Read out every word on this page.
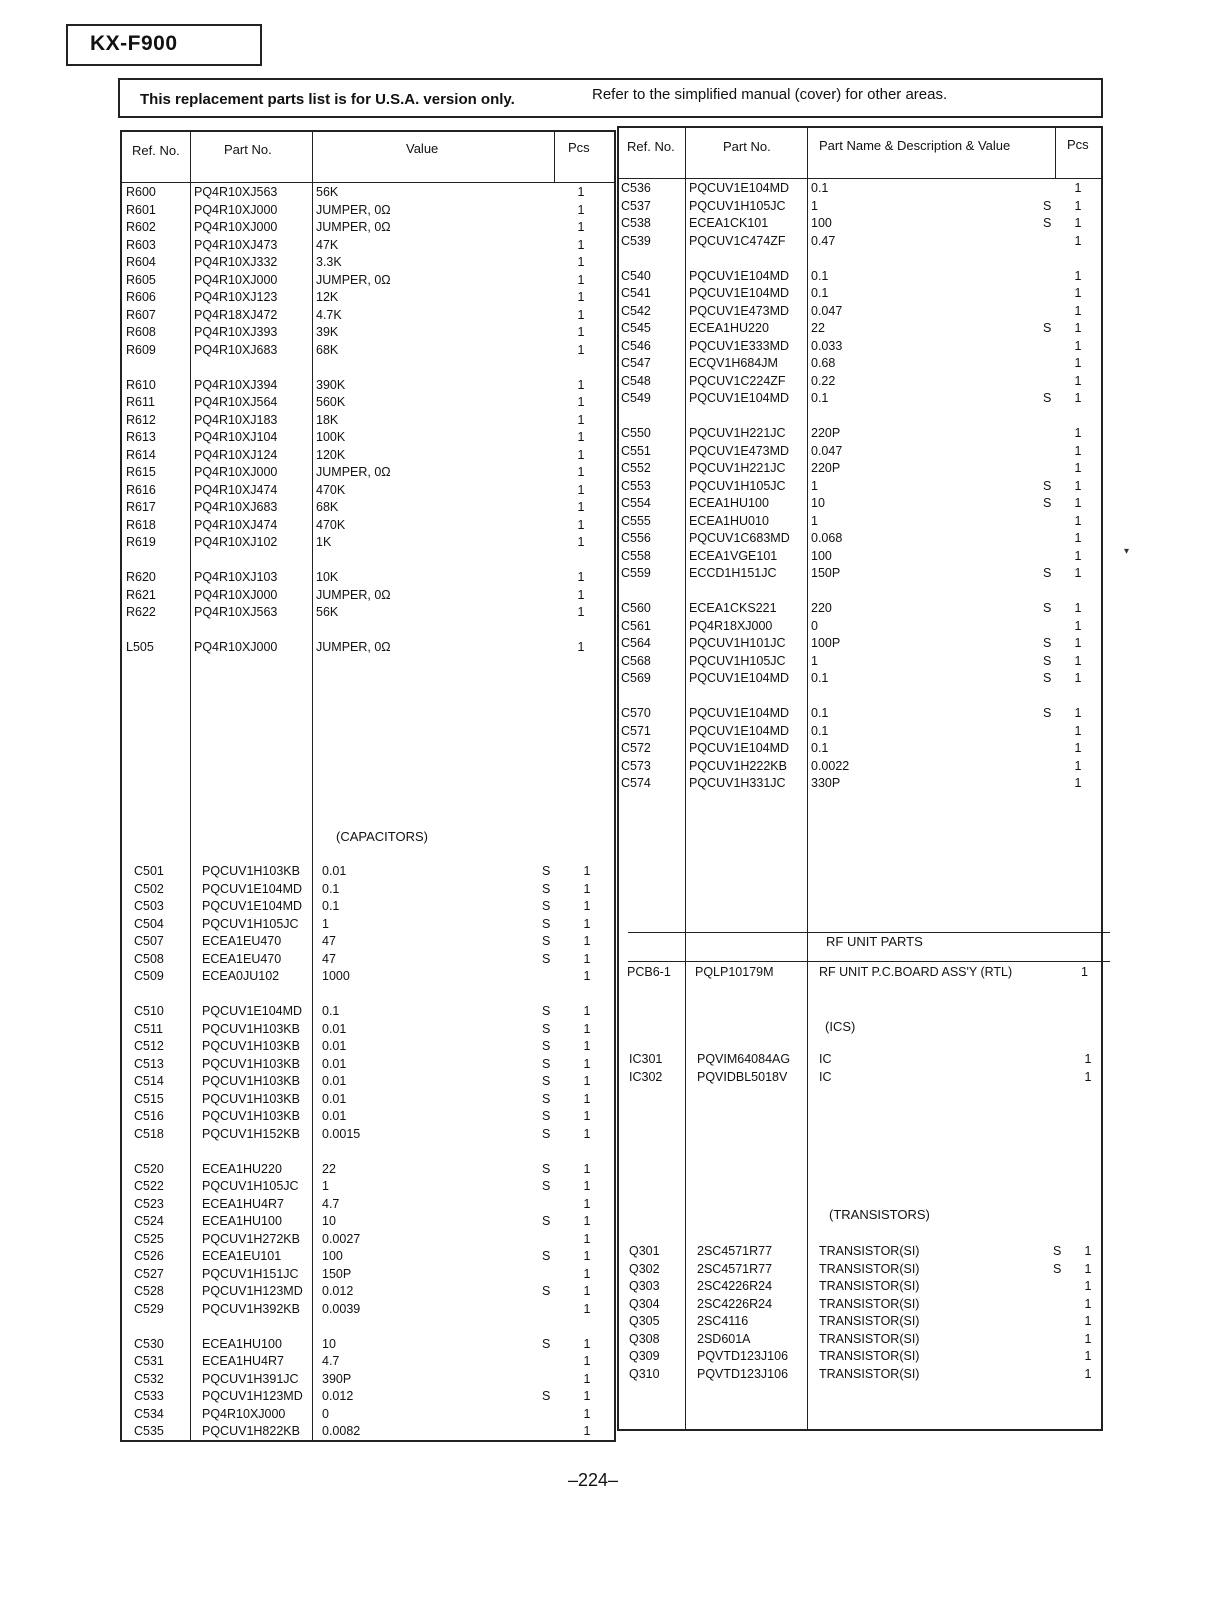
KX-F900
This replacement parts list is for U.S.A. version only.	Refer to the simplified manual (cover) for other areas.
Ref. No.	Part No.	Value	Pcs
R600	PQ4R10XJ563	56K	1
R601	PQ4R10XJ000	JUMPER, 0Ω	1
R602	PQ4R10XJ000	JUMPER, 0Ω	1
R603	PQ4R10XJ473	47K	1
R604	PQ4R10XJ332	3.3K	1
R605	PQ4R10XJ000	JUMPER, 0Ω	1
R606	PQ4R10XJ123	12K	1
R607	PQ4R18XJ472	4.7K	1
R608	PQ4R10XJ393	39K	1
R609	PQ4R10XJ683	68K	1
R610	PQ4R10XJ394	390K	1
R611	PQ4R10XJ564	560K	1
R612	PQ4R10XJ183	18K	1
R613	PQ4R10XJ104	100K	1
R614	PQ4R10XJ124	120K	1
R615	PQ4R10XJ000	JUMPER, 0Ω	1
R616	PQ4R10XJ474	470K	1
R617	PQ4R10XJ683	68K	1
R618	PQ4R10XJ474	470K	1
R619	PQ4R10XJ102	1K	1
R620	PQ4R10XJ103	10K	1
R621	PQ4R10XJ000	JUMPER, 0Ω	1
R622	PQ4R10XJ563	56K	1
L505	PQ4R10XJ000	JUMPER, 0Ω	1
(CAPACITORS)
C501	PQCUV1H103KB 0.01	S	1
C502	PQCUV1E104MD 0.1	S	1
C503	PQCUV1E104MD 0.1	S	1
C504	PQCUV1H105JC 1	S	1
C507	ECEA1EU470	47	S	1
C508	ECEA1EU470	47	S	1
C509	ECEA0JU102	1000	1
C510	PQCUV1E104MD 0.1	S	1
C511	PQCUV1H103KB 0.01	S	1
C512	PQCUV1H103KB 0.01	S	1
C513	PQCUV1H103KB 0.01	S	1
C514	PQCUV1H103KB 0.01	S	1
C515	PQCUV1H103KB 0.01	S	1
C516	PQCUV1H103KB 0.01	S	1
C518	PQCUV1H152KB 0.0015	S	1
C520	ECEA1HU220	22	S	1
C522	PQCUV1H105JC 1	S	1
C523	ECEA1HU4R7	4.7	1
C524	ECEA1HU100	10	S	1
C525	PQCUV1H272KB 0.0027	1
C526	ECEA1EU101	100	S	1
C527	PQCUV1H151JC 150P	1
C528	PQCUV1H123MD 0.012	S	1
C529	PQCUV1H392KB 0.0039	1
C530	ECEA1HU100	10	S	1
C531	ECEA1HU4R7	4.7	1
C532	PQCUV1H391JC 390P	1
C533	PQCUV1H123MD 0.012	S	1
C534	PQ4R10XJ000	0	1
C535	PQCUV1H822KB 0.0082	1
Ref. No.	Part No.	Part Name & Description & Value	Pcs
C536	PQCUV1E104MD 0.1	1
C537	PQCUV1H105JC 1	S 1
C538	ECEA1CK101	100	S 1
C539	PQCUV1C474ZF 0.47	1
C540	PQCUV1E104MD 0.1	1
C541	PQCUV1E104MD 0.1	1
C542	PQCUV1E473MD 0.047	1
C545	ECEA1HU220	22	S 1
C546	PQCUV1E333MD 0.033	1
C547	ECQV1H684JM	0.68	1
C548	PQCUV1C224ZF 0.22	1
C549	PQCUV1E104MD 0.1	S 1
C550	PQCUV1H221JC 220P	1
C551	PQCUV1E473MD 0.047	1
C552	PQCUV1H221JC 220P	1
C553	PQCUV1H105JC 1	S 1
C554	ECEA1HU100	10	S 1
C555	ECEA1HU010	1	1
C556	PQCUV1C683MD 0.068	1
C558	ECEA1VGE101	100	1
C559	ECCD1H151JC	150P	S 1
C560	ECEA1CKS221	220	S 1
C561	PQ4R18XJ000	0	1
C564	PQCUV1H101JC 100P	S 1
C568	PQCUV1H105JC 1	S 1
C569	PQCUV1E104MD 0.1	S 1
C570	PQCUV1E104MD 0.1	S 1
C571	PQCUV1E104MD 0.1	1
C572	PQCUV1E104MD 0.1	1
C573	PQCUV1H222KB 0.0022	1
C574	PQCUV1H331JC 330P	1
PCB6-1 PQLP10179M	RF UNIT P.C.BOARD ASS'Y (RTL)	1
(ICS)
IC301	PQVIM64084AG IC	1
IC302	PQVIDBL5018V	IC	1
(TRANSISTORS)
Q301	2SC4571R77	TRANSISTOR(SI)	S 1
Q302	2SC4571R77	TRANSISTOR(SI)	S 1
Q303	2SC4226R24	TRANSISTOR(SI)	1
Q304	2SC4226R24	TRANSISTOR(SI)	1
Q305	2SC4116	TRANSISTOR(SI)	1
Q308	2SD601A	TRANSISTOR(SI)	1
Q309	PQVTD123J106 TRANSISTOR(SI)	1
Q310	PQVTD123J106 TRANSISTOR(SI)	1
RF UNIT PARTS
–224–
▾
